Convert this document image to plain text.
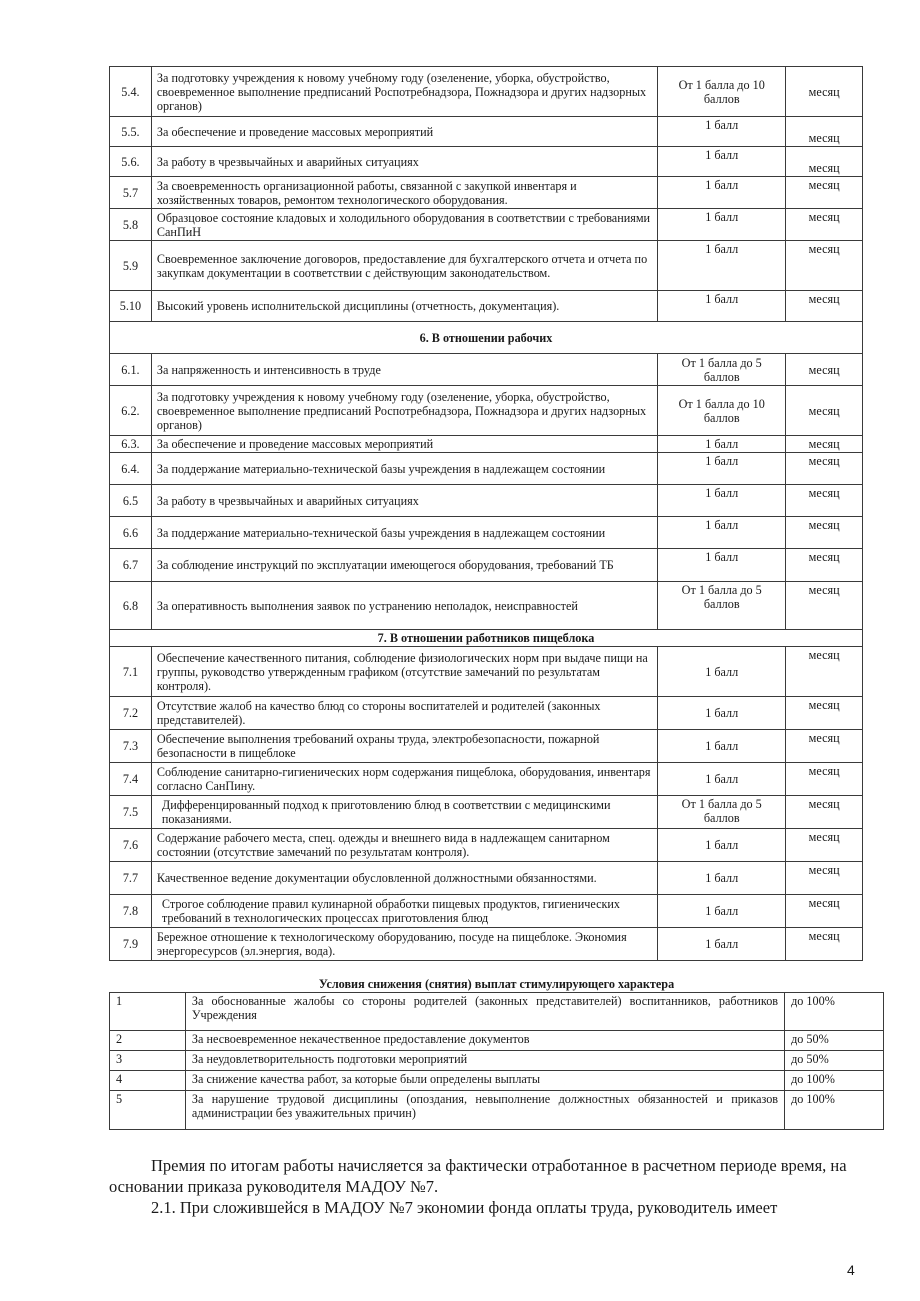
5.4.	За подготовку учреждения к новому учебному году (озеленение, уборка, обустройство, своевременное выполнение предписаний Роспотребнадзора, Пожнадзора и других надзорных органов)	От 1 балла до 10 баллов	месяц
5.5.	За обеспечение и проведение массовых мероприятий	1 балл	месяц
5.6.	За работу в чрезвычайных и аварийных ситуациях	1 балл	месяц
5.7	За своевременность организационной работы, связанной с закупкой инвентаря и хозяйственных товаров, ремонтом технологического оборудования.	1 балл	месяц
5.8	Образцовое состояние кладовых и холодильного оборудования в соответствии с требованиями СанПиН	1 балл	месяц
5.9	Своевременное заключение договоров, предоставление для бухгалтерского отчета и отчета по закупкам документации в соответствии с действующим законодательством.	1 балл	месяц
5.10	Высокий уровень исполнительской дисциплины (отчетность, документация).	1 балл	месяц
6. В отношении рабочих			
6.1.	За напряженность и интенсивность в труде	От 1 балла до 5 баллов	месяц
6.2.	За подготовку учреждения к новому учебному году (озеленение, уборка, обустройство, своевременное выполнение предписаний Роспотребнадзора, Пожнадзора и других надзорных органов)	От 1 балла до 10 баллов	месяц
6.3.	За обеспечение и проведение массовых мероприятий	1 балл	месяц
6.4.	За поддержание материально-технической базы учреждения в надлежащем состоянии	1 балл	месяц
6.5	За работу в чрезвычайных и аварийных ситуациях	1 балл	месяц
6.6	За поддержание материально-технической базы учреждения в надлежащем состоянии	1 балл	месяц
6.7	За соблюдение инструкций по эксплуатации имеющегося оборудования, требований ТБ	1 балл	месяц
6.8	За оперативность выполнения заявок по устранению неполадок, неисправностей	От 1 балла до 5 баллов	месяц
7. В отношении работников пищеблока			
7.1	Обеспечение качественного питания, соблюдение физиологических норм при выдаче пищи на группы, руководство утвержденным графиком (отсутствие замечаний по результатам контроля).	1 балл	месяц
7.2	Отсутствие жалоб на качество блюд со стороны воспитателей и родителей (законных представителей).	1 балл	месяц
7.3	Обеспечение выполнения требований охраны труда, электробезопасности, пожарной безопасности в пищеблоке	1 балл	месяц
7.4	Соблюдение санитарно-гигиенических норм содержания пищеблока, оборудования, инвентаря согласно СанПину.	1 балл	месяц
7.5	Дифференцированный подход к приготовлению блюд в соответствии с медицинскими показаниями.	От 1 балла до 5 баллов	месяц
7.6	Содержание рабочего места, спец. одежды и внешнего вида в надлежащем санитарном состоянии (отсутствие замечаний по результатам контроля).	1 балл	месяц
7.7	Качественное ведение документации обусловленной должностными обязанностями.	1 балл	месяц
7.8	Строгое соблюдение правил кулинарной обработки пищевых продуктов, гигиенических требований в технологических процессах приготовления блюд	1 балл	месяц
7.9	Бережное отношение к технологическому оборудованию, посуде на пищеблоке. Экономия энергоресурсов (эл.энергия, вода).	1 балл	месяц
Условия снижения (снятия) выплат стимулирующего характера
1	За обоснованные жалобы со стороны родителей (законных представителей) воспитанников, работников Учреждения	до 100%
2	За несвоевременное некачественное предоставление документов	до 50%
3	За неудовлетворительность подготовки мероприятий	до 50%
4	За снижение качества работ, за которые были определены выплаты	до 100%
5	За нарушение трудовой дисциплины (опоздания, невыполнение должностных обязанностей и приказов администрации без уважительных причин)	до 100%
Премия по итогам работы начисляется за фактически отработанное в расчетном периоде время, на основании приказа руководителя МАДОУ №7.
2.1. При сложившейся в МАДОУ №7 экономии фонда оплаты труда, руководитель имеет
4
